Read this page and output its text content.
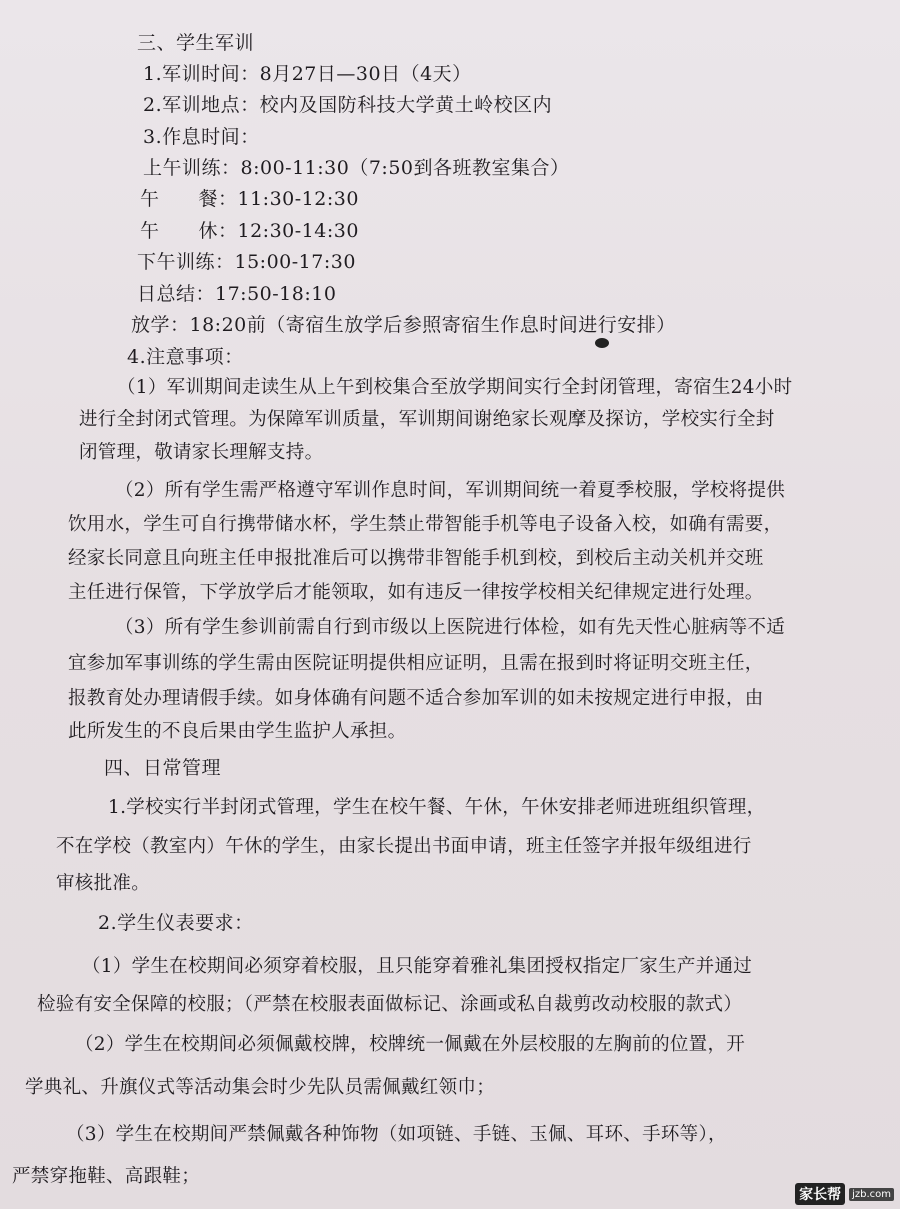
三、学生军训
1.军训时间：8月27日—30日（4天）
2.军训地点：校内及国防科技大学黄土岭校区内
3.作息时间：
上午训练：8:00-11:30（7:50到各班教室集合）
午　　餐：11:30-12:30
午　　休：12:30-14:30
下午训练：15:00-17:30
日总结：17:50-18:10
放学：18:20前（寄宿生放学后参照寄宿生作息时间进行安排）
4.注意事项：
（1）军训期间走读生从上午到校集合至放学期间实行全封闭管理，寄宿生24小时
进行全封闭式管理。为保障军训质量，军训期间谢绝家长观摩及探访，学校实行全封
闭管理，敬请家长理解支持。
（2）所有学生需严格遵守军训作息时间，军训期间统一着夏季校服，学校将提供
饮用水，学生可自行携带储水杯，学生禁止带智能手机等电子设备入校，如确有需要，
经家长同意且向班主任申报批准后可以携带非智能手机到校，到校后主动关机并交班
主任进行保管，下学放学后才能领取，如有违反一律按学校相关纪律规定进行处理。
（3）所有学生参训前需自行到市级以上医院进行体检，如有先天性心脏病等不适
宜参加军事训练的学生需由医院证明提供相应证明，且需在报到时将证明交班主任，
报教育处办理请假手续。如身体确有问题不适合参加军训的如未按规定进行申报，由
此所发生的不良后果由学生监护人承担。
四、日常管理
1.学校实行半封闭式管理，学生在校午餐、午休，午休安排老师进班组织管理，
不在学校（教室内）午休的学生，由家长提出书面申请，班主任签字并报年级组进行
审核批准。
2.学生仪表要求：
（1）学生在校期间必须穿着校服，且只能穿着雅礼集团授权指定厂家生产并通过
检验有安全保障的校服；（严禁在校服表面做标记、涂画或私自裁剪改动校服的款式）
（2）学生在校期间必须佩戴校牌，校牌统一佩戴在外层校服的左胸前的位置，开
学典礼、升旗仪式等活动集会时少先队员需佩戴红领巾；
（3）学生在校期间严禁佩戴各种饰物（如项链、手链、玉佩、耳环、手环等），
严禁穿拖鞋、高跟鞋；
家长帮	jzb.com
